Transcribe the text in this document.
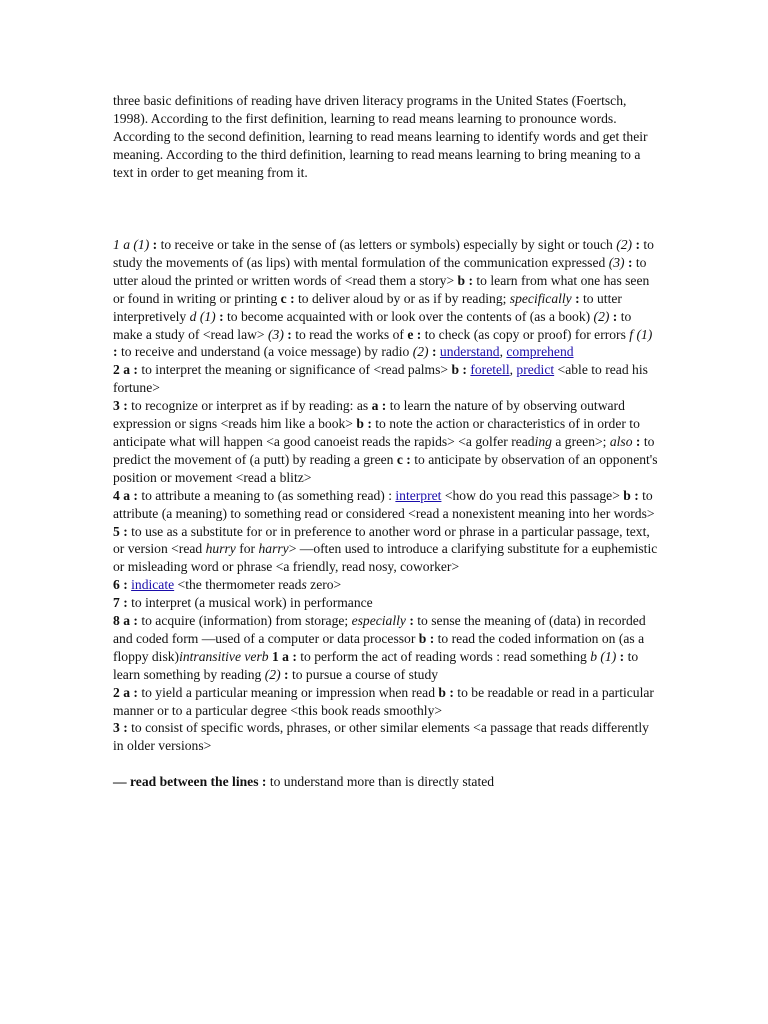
three basic definitions of reading have driven literacy programs in the United States (Foertsch, 1998). According to the first definition, learning to read means learning to pronounce words. According to the second definition, learning to read means learning to identify words and get their meaning. According to the third definition, learning to read means learning to bring meaning to a text in order to get meaning from it.

1 a (1) : to receive or take in the sense of (as letters or symbols) especially by sight or touch (2) : to study the movements of (as lips) with mental formulation of the communication expressed (3) : to utter aloud the printed or written words of <read them a story> b : to learn from what one has seen or found in writing or printing c : to deliver aloud by or as if by reading; specifically : to utter interpretively d (1) : to become acquainted with or look over the contents of (as a book) (2) : to make a study of <read law> (3) : to read the works of e : to check (as copy or proof) for errors f (1) : to receive and understand (a voice message) by radio (2) : understand, comprehend

2 a : to interpret the meaning or significance of <read palms> b : foretell, predict <able to read his fortune>

3 : to recognize or interpret as if by reading: as a : to learn the nature of by observing outward expression or signs <reads him like a book> b : to note the action or characteristics of in order to anticipate what will happen <a good canoeist reads the rapids> <a golfer reading a green>; also : to predict the movement of (a putt) by reading a green c : to anticipate by observation of an opponent's position or movement <read a blitz>

4 a : to attribute a meaning to (as something read) : interpret <how do you read this passage> b : to attribute (a meaning) to something read or considered <read a nonexistent meaning into her words>

5 : to use as a substitute for or in preference to another word or phrase in a particular passage, text, or version <read hurry for harry> —often used to introduce a clarifying substitute for a euphemistic or misleading word or phrase <a friendly, read nosy, coworker>

6 : indicate <the thermometer reads zero>

7 : to interpret (a musical work) in performance

8 a : to acquire (information) from storage; especially : to sense the meaning of (data) in recorded and coded form —used of a computer or data processor b : to read the coded information on (as a floppy disk)intransitive verb 1 a : to perform the act of reading words : read something b (1) : to learn something by reading (2) : to pursue a course of study

2 a : to yield a particular meaning or impression when read b : to be readable or read in a particular manner or to a particular degree <this book reads smoothly>

3 : to consist of specific words, phrases, or other similar elements <a passage that reads differently in older versions>

— read between the lines : to understand more than is directly stated
